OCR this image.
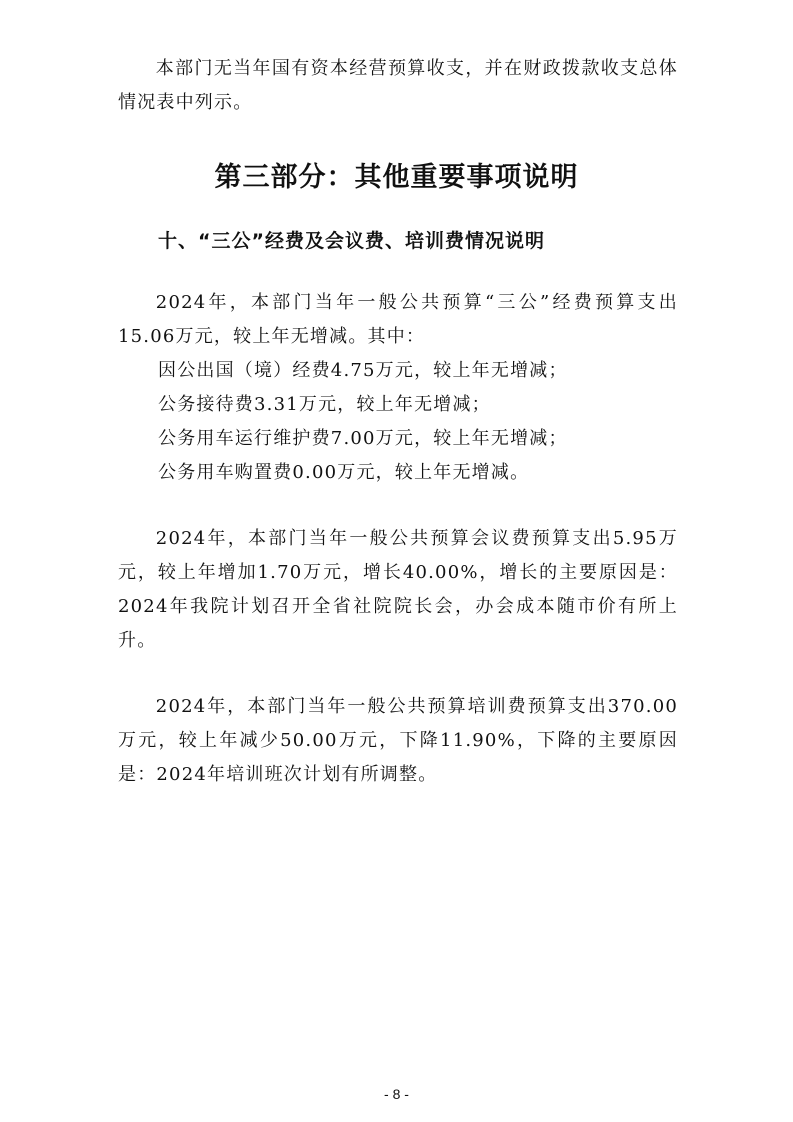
本部门无当年国有资本经营预算收支，并在财政拨款收支总体情况表中列示。

第三部分：其他重要事项说明
十、“三公”经费及会议费、培训费情况说明

2024年，本部门当年一般公共预算“三公”经费预算支出15.06万元，较上年无增减。其中：

因公出国（境）经费4.75万元，较上年无增减；

公务接待费3.31万元，较上年无增减；

公务用车运行维护费7.00万元，较上年无增减；

公务用车购置费0.00万元，较上年无增减。

2024年，本部门当年一般公共预算会议费预算支出5.95万元，较上年增加1.70万元，增长40.00%，增长的主要原因是：2024年我院计划召开全省社院院长会，办会成本随市价有所上升。

2024年，本部门当年一般公共预算培训费预算支出370.00万元，较上年减少50.00万元，下降11.90%，下降的主要原因是：2024年培训班次计划有所调整。

- 8 -
